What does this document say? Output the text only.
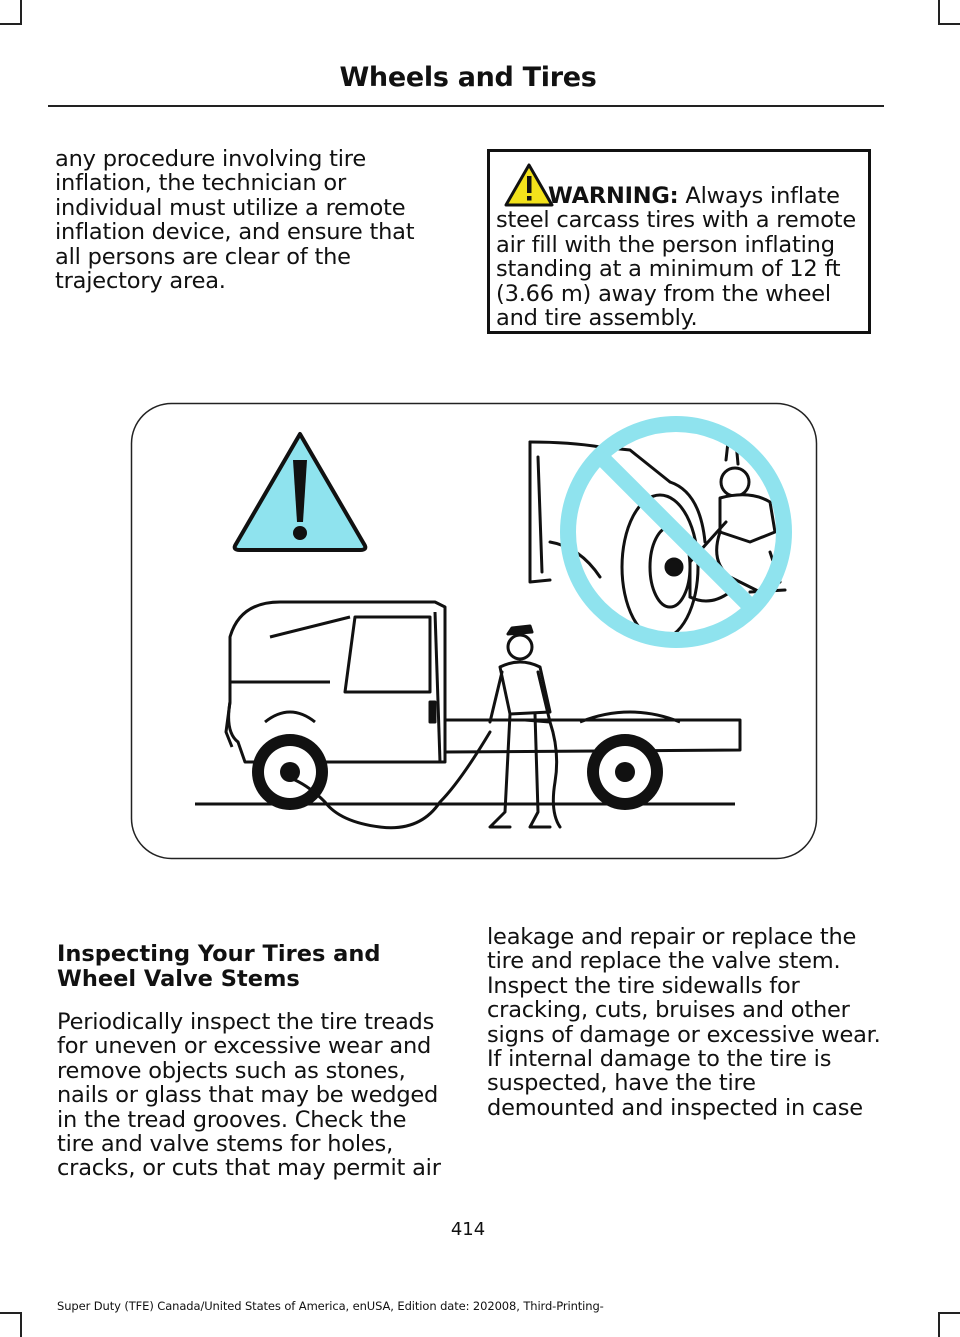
Wheels and Tires
any procedure involving tire inflation, the technician or individual must utilize a remote inflation device, and ensure that all persons are clear of the trajectory area.
WARNING: Always inflate steel carcass tires with a remote air fill with the person inflating standing at a minimum of 12 ft (3.66 m) away from the wheel and tire assembly.
Inspecting Your Tires and Wheel Valve Stems
Periodically inspect the tire treads for uneven or excessive wear and remove objects such as stones, nails or glass that may be wedged in the tread grooves. Check the tire and valve stems for holes, cracks, or cuts that may permit air
leakage and repair or replace the tire and replace the valve stem. Inspect the tire sidewalls for cracking, cuts, bruises and other signs of damage or excessive wear. If internal damage to the tire is suspected, have the tire demounted and inspected in case
414
Super Duty (TFE) Canada/United States of America, enUSA, Edition date: 202008, Third-Printing-
